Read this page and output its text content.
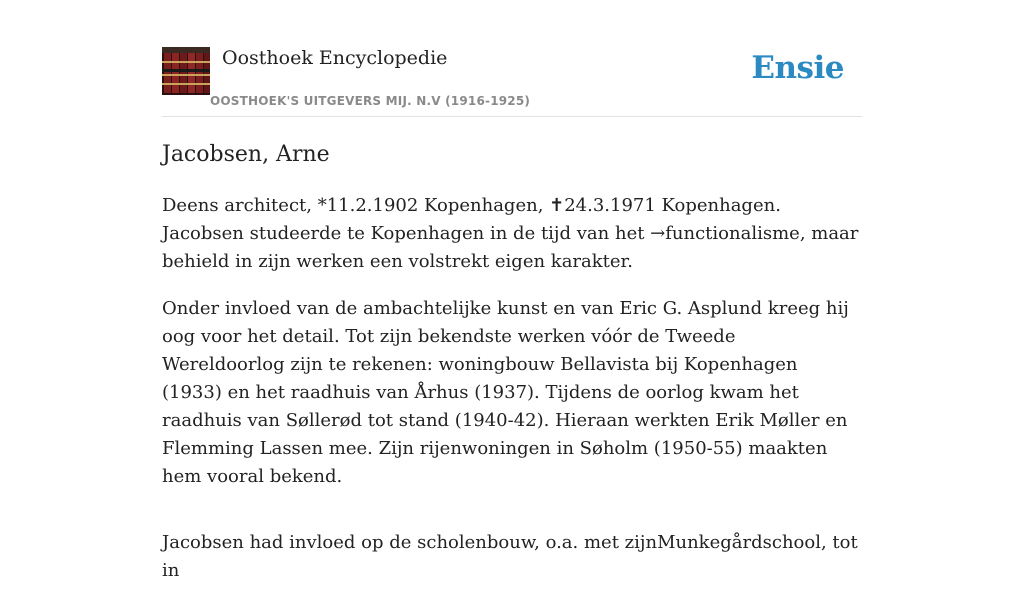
Oosthoek Encyclopedie
OOSTHOEK'S UITGEVERS MIJ. N.V (1916-1925)
Ensie
Jacobsen, Arne

Deens architect, *11.2.1902 Kopenhagen, ✝24.3.1971 Kopenhagen. Jacobsen studeerde te Kopenhagen in de tijd van het →functionalisme, maar behield in zijn werken een volstrekt eigen karakter.

Onder invloed van de ambachtelijke kunst en van Eric G. Asplund kreeg hij oog voor het detail. Tot zijn bekendste werken vóór de Tweede Wereldoorlog zijn te rekenen: woningbouw Bellavista bij Kopenhagen (1933) en het raadhuis van Århus (1937). Tijdens de oorlog kwam het raadhuis van Søllerød tot stand (1940-42). Hieraan werkten Erik Møller en Flemming Lassen mee. Zijn rijenwoningen in Søholm (1950-55) maakten hem vooral bekend.

Jacobsen had invloed op de scholenbouw, o.a. met zijnMunkegårdschool, tot in
